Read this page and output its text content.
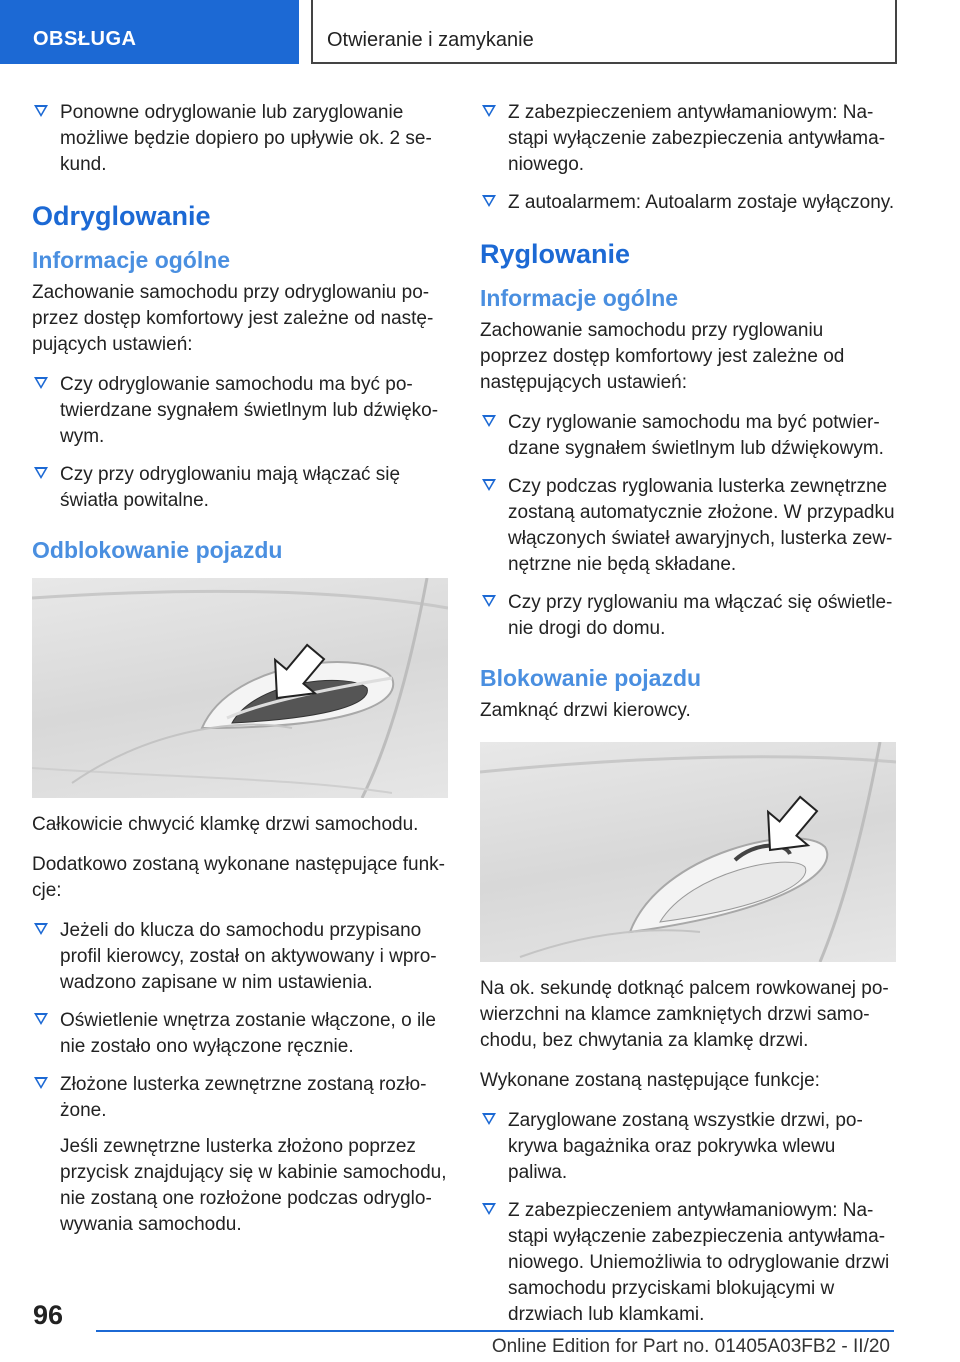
OBSŁUGA	Otwieranie i zamykanie

Ponowne odryglowanie lub zaryglowanie możliwe będzie dopiero po upływie ok. 2 sekund.

Odryglowanie
Informacje ogólne

Zachowanie samochodu przy odryglowaniu poprzez dostęp komfortowy jest zależne od następujących ustawień:

Czy odryglowanie samochodu ma być potwierdzane sygnałem świetlnym lub dźwiękowym.

Czy przy odryglowaniu mają włączać się światła powitalne.

Odblokowanie pojazdu

Całkowicie chwycić klamkę drzwi samochodu.

Dodatkowo zostaną wykonane następujące funkcje:

Jeżeli do klucza do samochodu przypisano profil kierowcy, został on aktywowany i wprowadzono zapisane w nim ustawienia.

Oświetlenie wnętrza zostanie włączone, o ile nie zostało ono wyłączone ręcznie.

Złożone lusterka zewnętrzne zostaną rozłożone.

Jeśli zewnętrzne lusterka złożono poprzez przycisk znajdujący się w kabinie samochodu, nie zostaną one rozłożone podczas odryglowywania samochodu.

Z zabezpieczeniem antywłamaniowym: Nastąpi wyłączenie zabezpieczenia antywłamaniowego.

Z autoalarmem: Autoalarm zostaje wyłączony.

Ryglowanie
Informacje ogólne

Zachowanie samochodu przy ryglowaniu poprzez dostęp komfortowy jest zależne od następujących ustawień:

Czy ryglowanie samochodu ma być potwierdzane sygnałem świetlnym lub dźwiękowym.

Czy podczas ryglowania lusterka zewnętrzne zostaną automatycznie złożone. W przypadku włączonych świateł awaryjnych, lusterka zewnętrzne nie będą składane.

Czy przy ryglowaniu ma włączać się oświetlenie drogi do domu.

Blokowanie pojazdu

Zamknąć drzwi kierowcy.

Na ok. sekundę dotknąć palcem rowkowanej powierzchni na klamce zamkniętych drzwi samochodu, bez chwytania za klamkę drzwi.

Wykonane zostaną następujące funkcje:

Zaryglowane zostaną wszystkie drzwi, pokrywa bagażnika oraz pokrywka wlewu paliwa.

Z zabezpieczeniem antywłamaniowym: Nastąpi wyłączenie zabezpieczenia antywłamaniowego. Uniemożliwia to odryglowanie drzwi samochodu przyciskami blokującymi w drzwiach lub klamkami.

96
Online Edition for Part no. 01405A03FB2 - II/20
